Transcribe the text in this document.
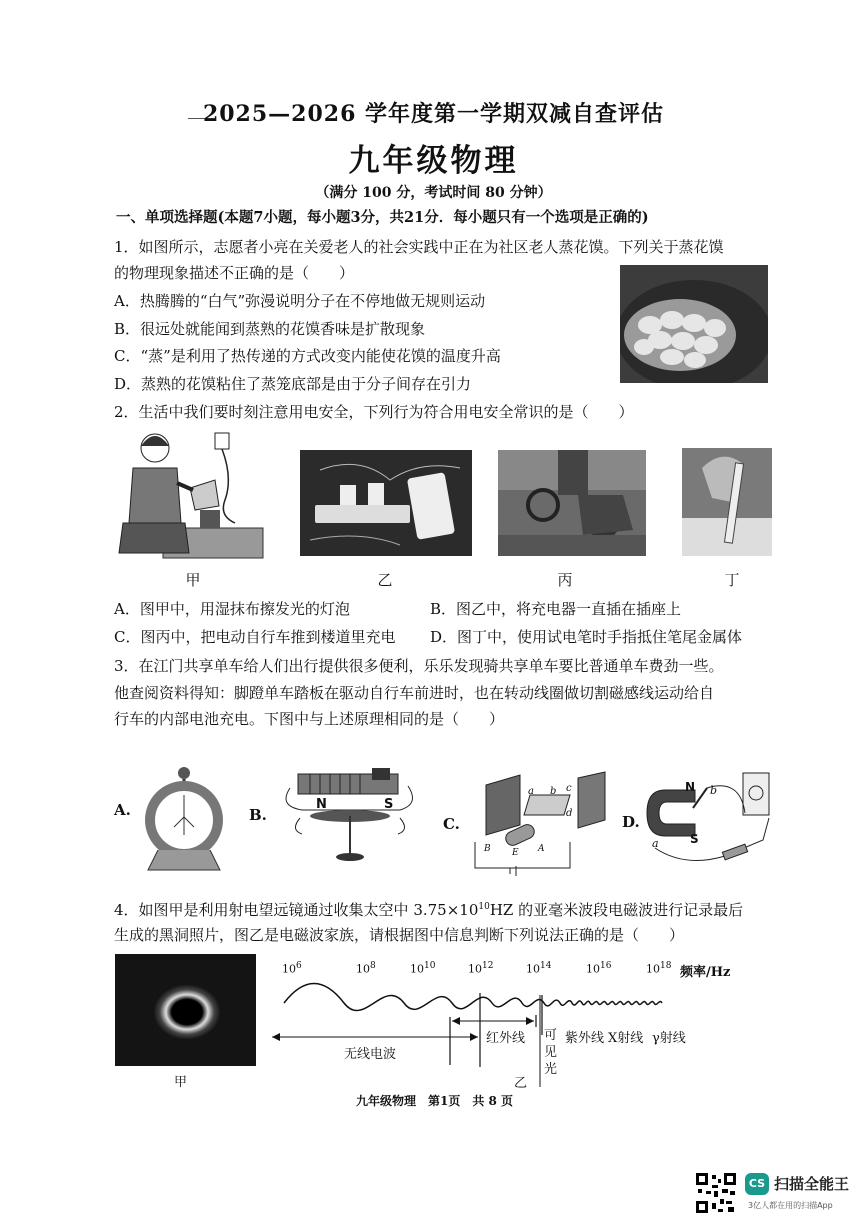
2025—2026 学年度第一学期双减自查评估
九年级物理
（满分 100 分，考试时间 80 分钟）
一、单项选择题(本题7小题，每小题3分，共21分．每小题只有一个选项是正确的)
1．如图所示，志愿者小亮在关爱老人的社会实践中正在为社区老人蒸花馍。下列关于蒸花馍
的物理现象描述不正确的是（　　）
A．热腾腾的“白气”弥漫说明分子在不停地做无规则运动
B．很远处就能闻到蒸熟的花馍香味是扩散现象
C．“蒸”是利用了热传递的方式改变内能使花馍的温度升高
D．蒸熟的花馍粘住了蒸笼底部是由于分子间存在引力
2．生活中我们要时刻注意用电安全，下列行为符合用电安全常识的是（　　）
甲	乙	丙	丁
A．图甲中，用湿抹布擦发光的灯泡	B．图乙中，将充电器一直插在插座上
C．图丙中，把电动自行车推到楼道里充电 D．图丁中，使用试电笔时手指抵住笔尾金属体
3．在江门共享单车给人们出行提供很多便利，乐乐发现骑共享单车要比普通单车费劲一些。
他查阅资料得知：脚蹬单车踏板在驱动自行车前进时，也在转动线圈做切割磁感线运动给自
行车的内部电池充电。下图中与上述原理相同的是（　　）
A.	B.	C.	D.
N	S
a b c
d
B E A
N
S
a
b
4．如图甲是利用射电望远镜通过收集太空中 $3.75\times 10^{10}HZ$ 的亚毫米波段电磁波进行记录最后
生成的黑洞照片，图乙是电磁波家族，请根据图中信息判断下列说法正确的是（　　）
甲
$10^6$	$10^8$	$10^{10}$	$10^{12}$	$10^{14}$	$10^{16}$	$10^{18}$ 频率/Hz
无线电波
红外线 可见光
紫外线 X射线 γ射线
乙
九年级物理　第1页　共 8 页
CS 扫描全能王
3亿人都在用的扫描App
